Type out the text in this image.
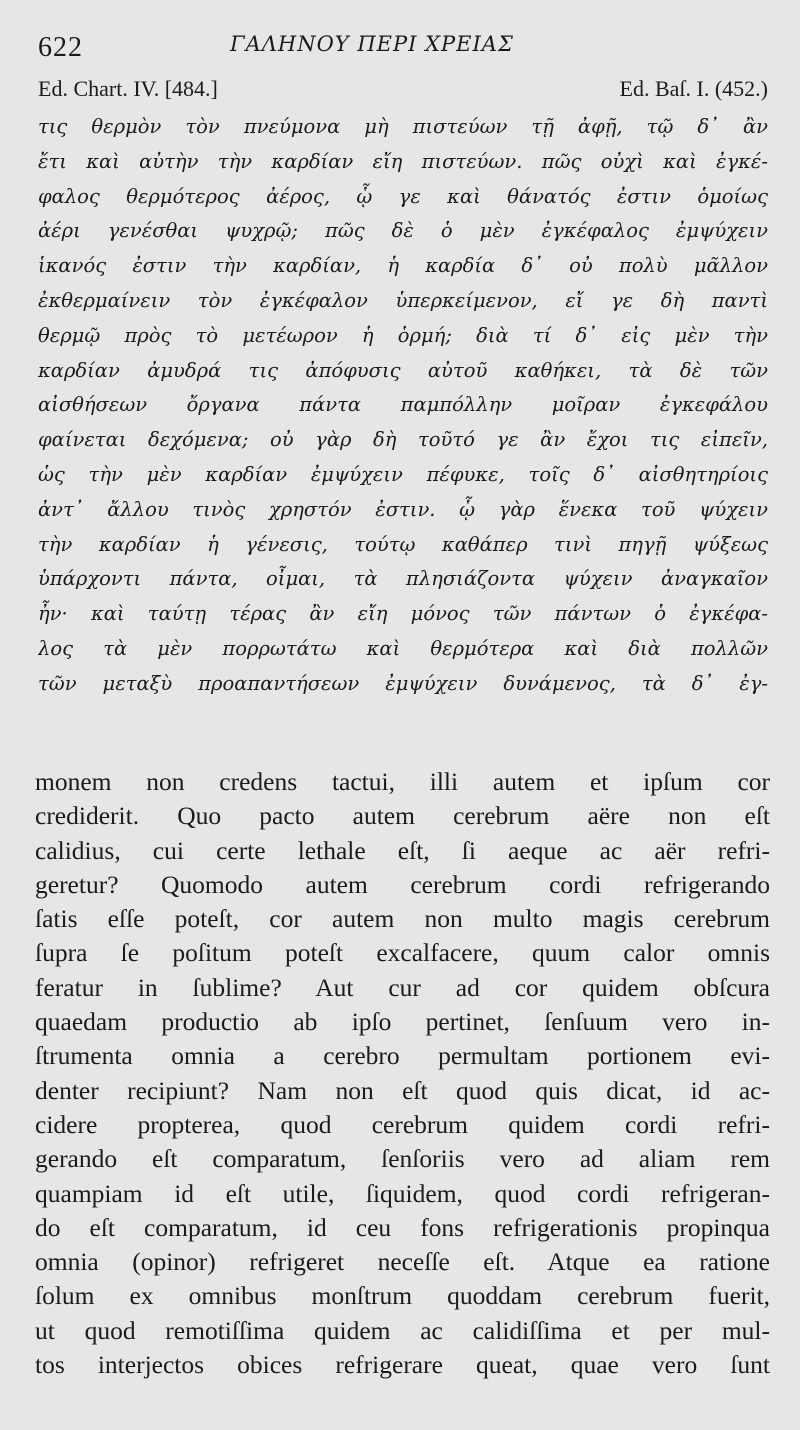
622	ΓΑΛΗΝΟΥ ΠΕΡΙ ΧΡΕΙΑΣ
Ed. Chart. IV. [484.]	Ed. Baſ. I. (452.)
τις θερμὸν τὸν πνεύμονα μὴ πιστεύων τῇ ἀφῇ, τῷ δ᾽ ἂν
ἔτι καὶ αὐτὴν τὴν καρδίαν εἴη πιστεύων. πῶς οὐχὶ καὶ ἐγκέ-
φαλος θερμότερος ἀέρος, ᾧ γε καὶ θάνατός ἐστιν ὁμοίως
ἀέρι γενέσθαι ψυχρῷ; πῶς δὲ ὁ μὲν ἐγκέφαλος ἐμψύχειν
ἱκανός ἐστιν τὴν καρδίαν, ἡ καρδία δ᾽ οὐ πολὺ μᾶλλον
ἐκθερμαίνειν τὸν ἐγκέφαλον ὑπερκείμενον, εἴ γε δὴ παντὶ
θερμῷ πρὸς τὸ μετέωρον ἡ ὁρμή; διὰ τί δ᾽ εἰς μὲν τὴν
καρδίαν ἀμυδρά τις ἀπόφυσις αὐτοῦ καθήκει, τὰ δὲ τῶν
αἰσθήσεων ὄργανα πάντα παμπόλλην μοῖραν ἐγκεφάλου
φαίνεται δεχόμενα; οὐ γὰρ δὴ τοῦτό γε ἂν ἔχοι τις εἰπεῖν,
ὡς τὴν μὲν καρδίαν ἐμψύχειν πέφυκε, τοῖς δ᾽ αἰσθητηρίοις
ἀντ᾽ ἄλλου τινὸς χρηστόν ἐστιν. ᾧ γὰρ ἕνεκα τοῦ ψύχειν
τὴν καρδίαν ἡ γένεσις, τούτῳ καθάπερ τινὶ πηγῇ ψύξεως
ὑπάρχοντι πάντα, οἶμαι, τὰ πλησιάζοντα ψύχειν ἀναγκαῖον
ἦν· καὶ ταύτῃ τέρας ἂν εἴη μόνος τῶν πάντων ὁ ἐγκέφα-
λος τὰ μὲν πορρωτάτω καὶ θερμότερα καὶ διὰ πολλῶν
τῶν μεταξὺ προαπαντήσεων ἐμψύχειν δυνάμενος, τὰ δ᾽ ἐγ-
monem non credens tactui, illi autem et ipſum cor
crediderit. Quo pacto autem cerebrum aëre non eſt
calidius, cui certe lethale eſt, ſi aeque ac aër refri-
geretur? Quomodo autem cerebrum cordi refrigerando
ſatis eſſe poteſt, cor autem non multo magis cerebrum
ſupra ſe poſitum poteſt excalfacere, quum calor omnis
feratur in ſublime? Aut cur ad cor quidem obſcura
quaedam productio ab ipſo pertinet, ſenſuum vero in-
ſtrumenta omnia a cerebro permultam portionem evi-
denter recipiunt? Nam non eſt quod quis dicat, id ac-
cidere propterea, quod cerebrum quidem cordi refri-
gerando eſt comparatum, ſenſoriis vero ad aliam rem
quampiam id eſt utile, ſiquidem, quod cordi refrigeran-
do eſt comparatum, id ceu fons refrigerationis propinqua
omnia (opinor) refrigeret neceſſe eſt. Atque ea ratione
ſolum ex omnibus monſtrum quoddam cerebrum fuerit,
ut quod remotiſſima quidem ac calidiſſima et per mul-
tos interjectos obices refrigerare queat, quae vero ſunt
